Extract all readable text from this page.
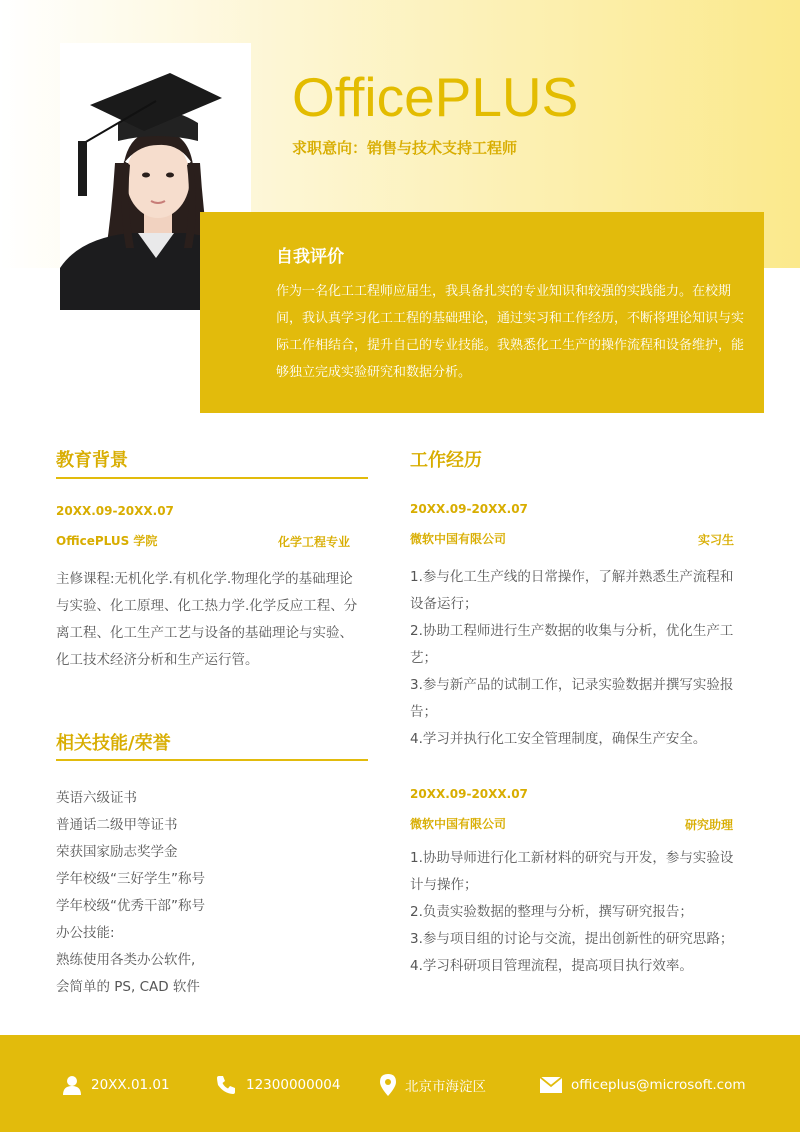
OfficePLUS
求职意向：销售与技术支持工程师
自我评价

作为一名化工工程师应届生，我具备扎实的专业知识和较强的实践能力。在校期间，我认真学习化工工程的基础理论，通过实习和工作经历，不断将理论知识与实际工作相结合，提升自己的专业技能。我熟悉化工生产的操作流程和设备维护，能够独立完成实验研究和数据分析。

教育背景
20XX.09-20XX.07
OfficePLUS 学院	化学工程专业

主修课程:无机化学.有机化学.物理化学的基础理论与实验、化工原理、化工热力学.化学反应工程、分离工程、化工生产工艺与设备的基础理论与实验、化工技术经济分析和生产运行管。

相关技能/荣誉
英语六级证书
普通话二级甲等证书
荣获国家励志奖学金
学年校级“三好学生”称号
学年校级“优秀干部”称号
办公技能:
熟练使用各类办公软件,
会简单的 PS, CAD 软件
工作经历
20XX.09-20XX.07
微软中国有限公司	实习生
1.参与化工生产线的日常操作，了解并熟悉生产流程和设备运行；
2.协助工程师进行生产数据的收集与分析，优化生产工艺；
3.参与新产品的试制工作，记录实验数据并撰写实验报告；
4.学习并执行化工安全管理制度，确保生产安全。
20XX.09-20XX.07
微软中国有限公司	研究助理
1.协助导师进行化工新材料的研究与开发，参与实验设计与操作；
2.负责实验数据的整理与分析，撰写研究报告；
3.参与项目组的讨论与交流，提出创新性的研究思路；
4.学习科研项目管理流程，提高项目执行效率。
20XX.01.01	12300000004	北京市海淀区	officeplus@microsoft.com
